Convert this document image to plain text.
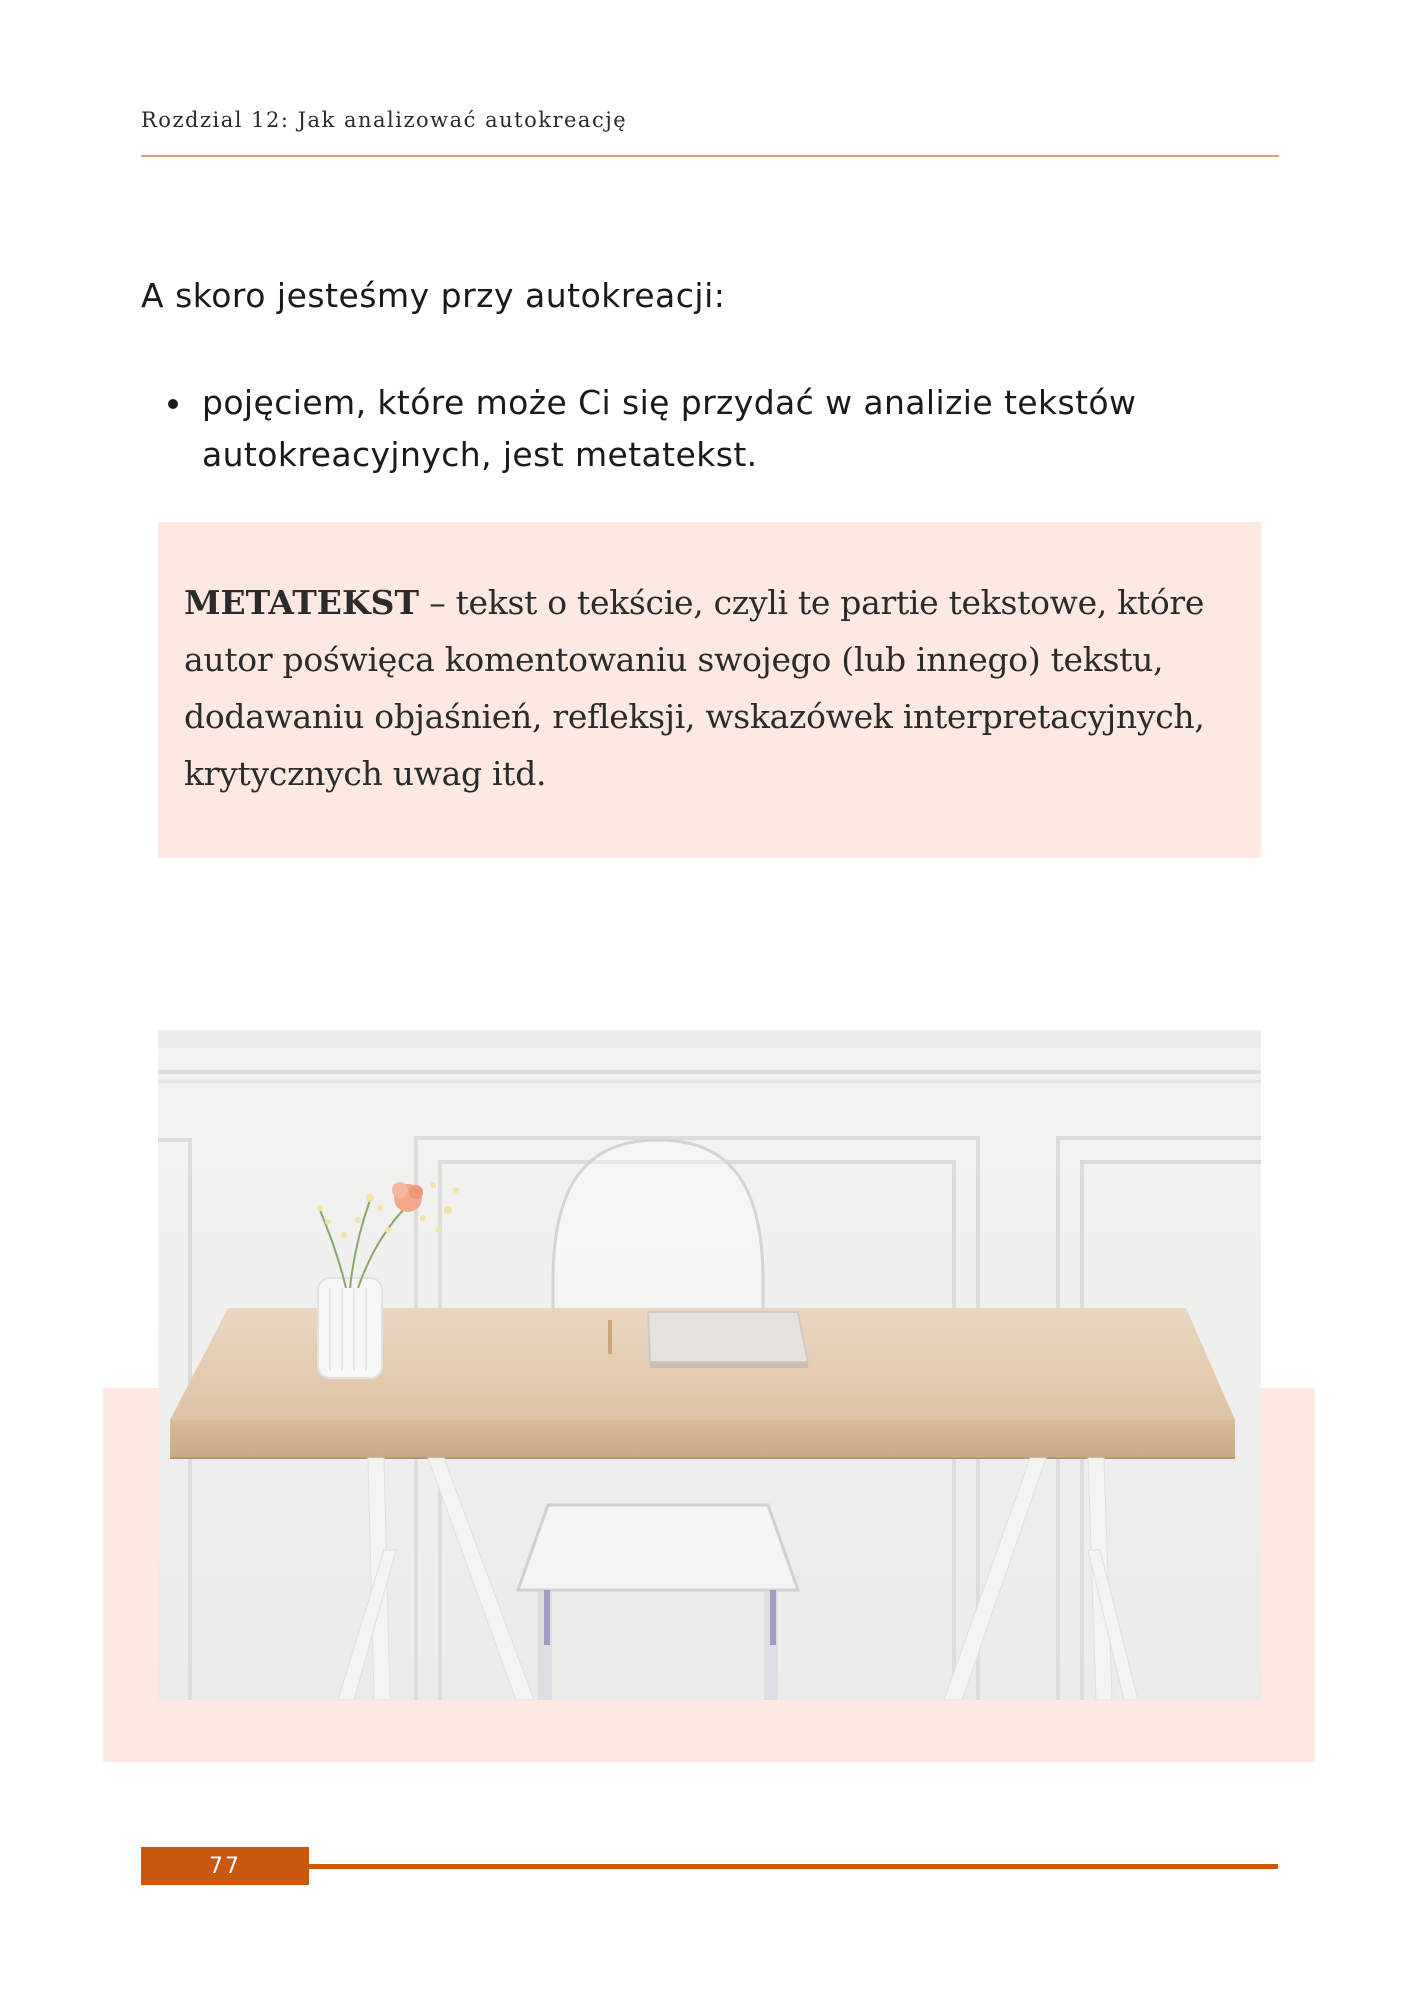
Rozdzial 12: Jak analizować autokreację
A skoro jesteśmy przy autokreacji:
pojęciem, które może Ci się przydać w analizie tekstów autokreacyjnych, jest metatekst.
METATEKST – tekst o tekście, czyli te partie tekstowe, które autor poświęca komentowaniu swojego (lub innego) tekstu, dodawaniu objaśnień, refleksji, wskazówek interpretacyjnych, krytycznych uwag itd.
77
